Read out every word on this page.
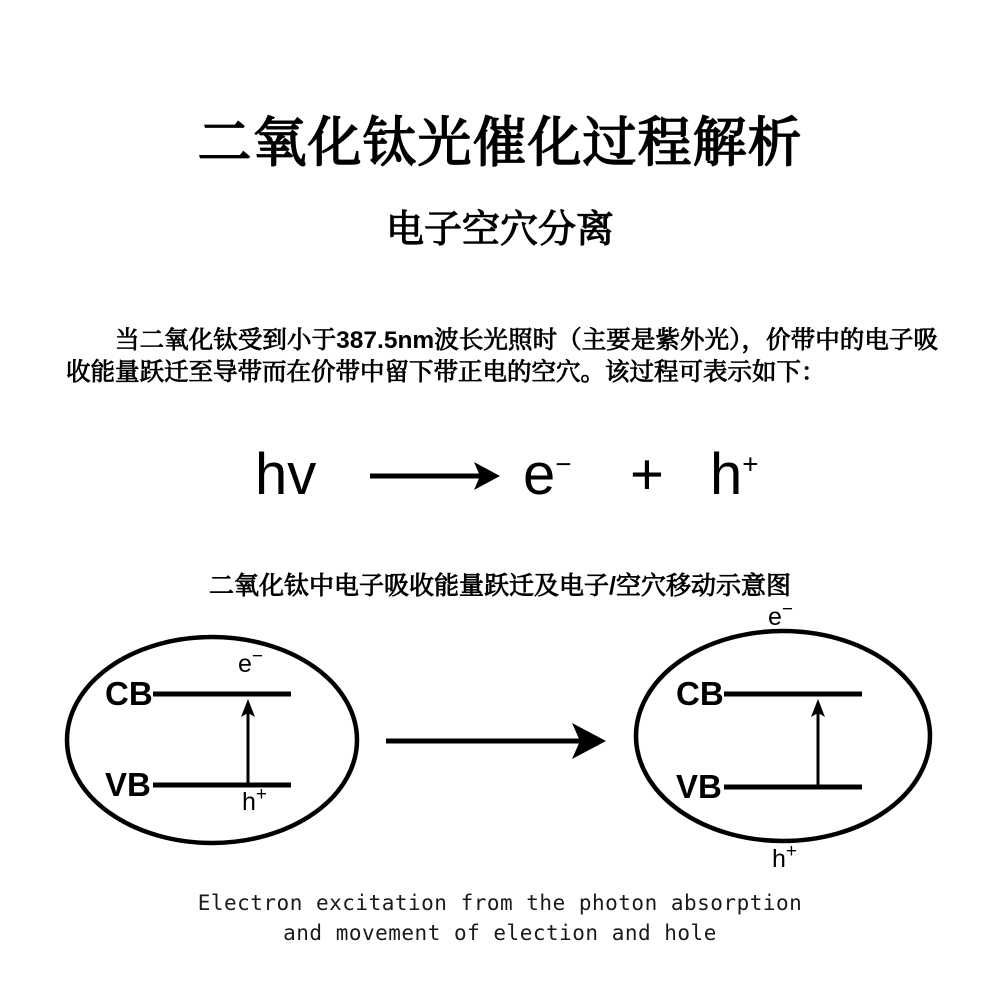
二氧化钛光催化过程解析
电子空穴分离

当二氧化钛受到小于387.5nm波长光照时（主要是紫外光），价带中的电子吸收能量跃迁至导带而在价带中留下带正电的空穴。该过程可表示如下：

hv	e− + h+
二氧化钛中电子吸收能量跃迁及电子/空穴移动示意图
CB
VB
e−
h+
e−
CB
VB
h+
Electron excitation from the photon absorption
and movement of election and hole
